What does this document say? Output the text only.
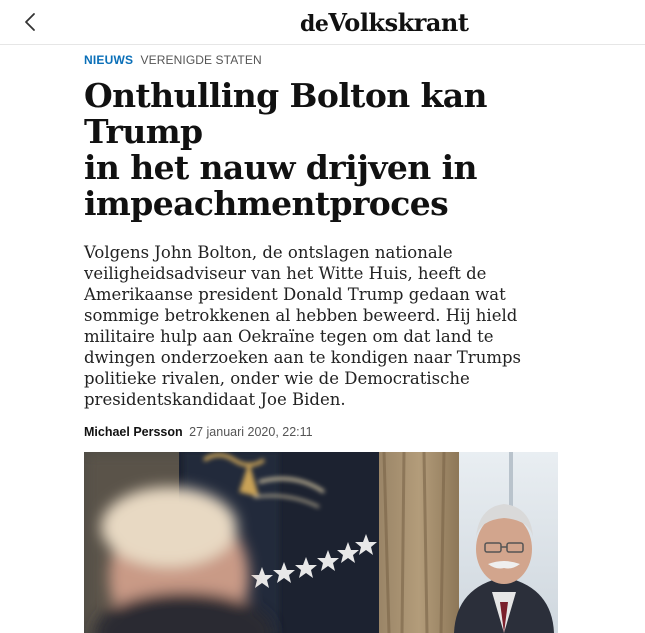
deVolkskrant
NIEUWS VERENIGDE STATEN
Onthulling Bolton kan Trump
in het nauw drijven in
impeachmentproces

Volgens John Bolton, de ontslagen nationale veiligheidsadviseur van het Witte Huis, heeft de Amerikaanse president Donald Trump gedaan wat sommige betrokkenen al hebben beweerd. Hij hield militaire hulp aan Oekraïne tegen om dat land te dwingen onderzoeken aan te kondigen naar Trumps politieke rivalen, onder wie de Democratische presidentskandidaat Joe Biden.

Michael Persson 27 januari 2020, 22:11
